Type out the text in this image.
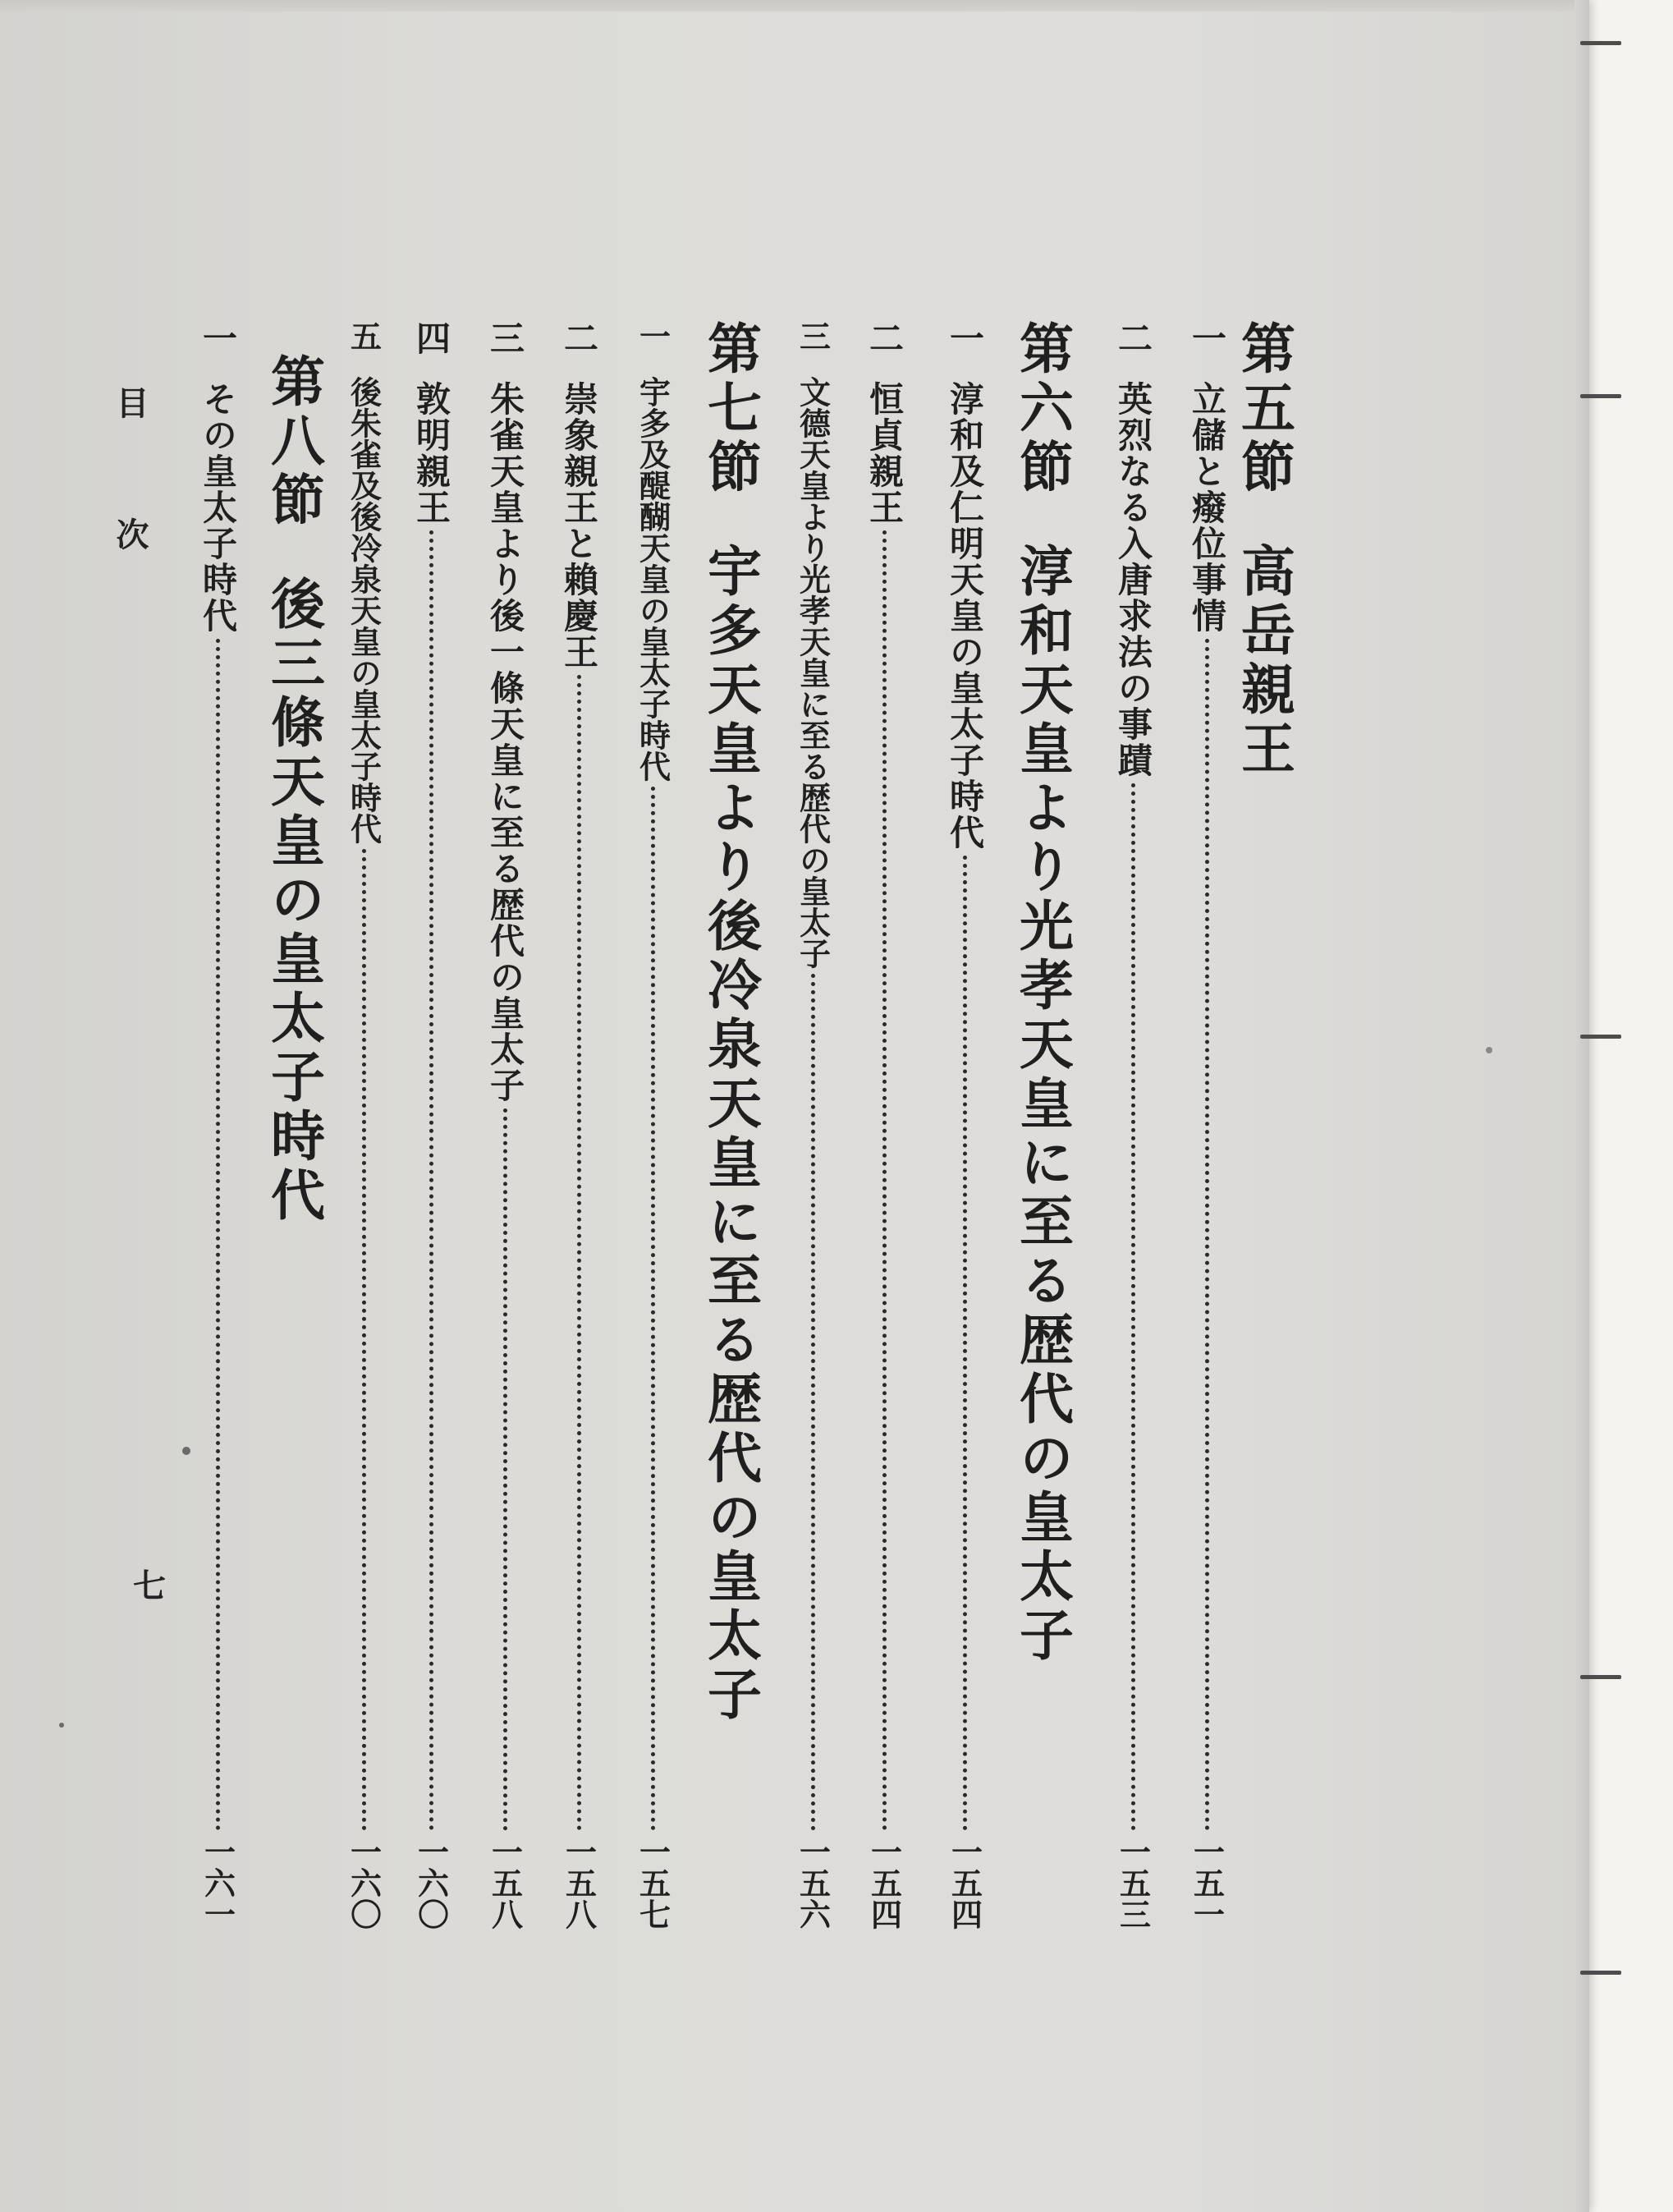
第五節
高岳親王
一
立儲と癈位事情
一五一
二
英烈なる入唐求法の事蹟
一五三
第六節
淳和天皇より光孝天皇に至る歴代の皇太子
一
淳和及仁明天皇の皇太子時代
一五四
二
恒貞親王
一五四
三
文德天皇より光孝天皇に至る歴代の皇太子
一五六
第七節
宇多天皇より後冷泉天皇に至る歴代の皇太子
一
宇多及醍醐天皇の皇太子時代
一五七
二
崇象親王と賴慶王
一五八
三
朱雀天皇より後一條天皇に至る歴代の皇太子
一五八
四
敦明親王
一六〇
五
後朱雀及後冷泉天皇の皇太子時代
一六〇
第八節
後三條天皇の皇太子時代
一
その皇太子時代
一六一
目次
七
